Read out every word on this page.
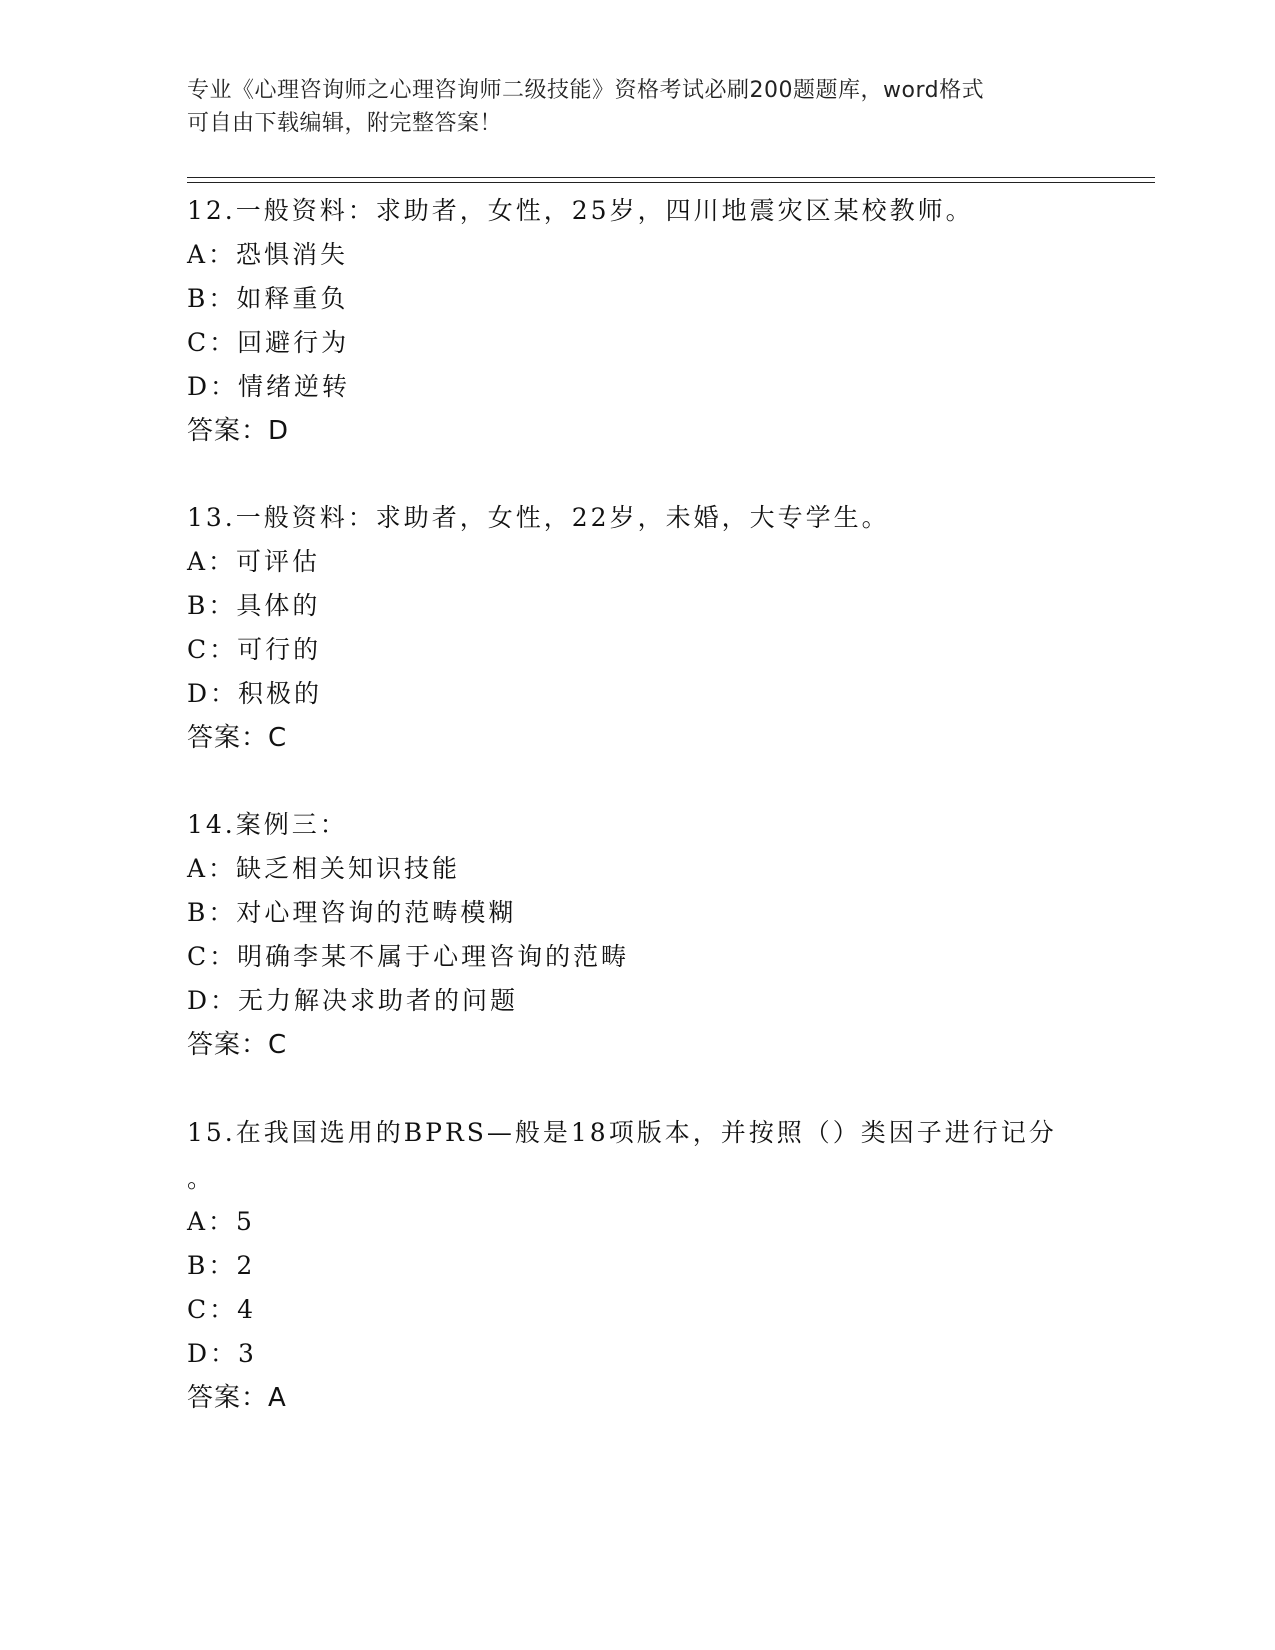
专业《心理咨询师之心理咨询师二级技能》资格考试必刷200题题库，word格式
可自由下载编辑，附完整答案！
12.一般资料：求助者，女性，25岁，四川地震灾区某校教师。
A：恐惧消失
B：如释重负
C：回避行为
D：情绪逆转
答案：D
13.一般资料：求助者，女性，22岁，未婚，大专学生。
A：可评估
B：具体的
C：可行的
D：积极的
答案：C
14.案例三：
A：缺乏相关知识技能
B：对心理咨询的范畴模糊
C：明确李某不属于心理咨询的范畴
D：无力解决求助者的问题
答案：C
15.在我国选用的BPRS—般是18项版本，并按照（）类因子进行记分
。
A：5
B：2
C：4
D：3
答案：A
